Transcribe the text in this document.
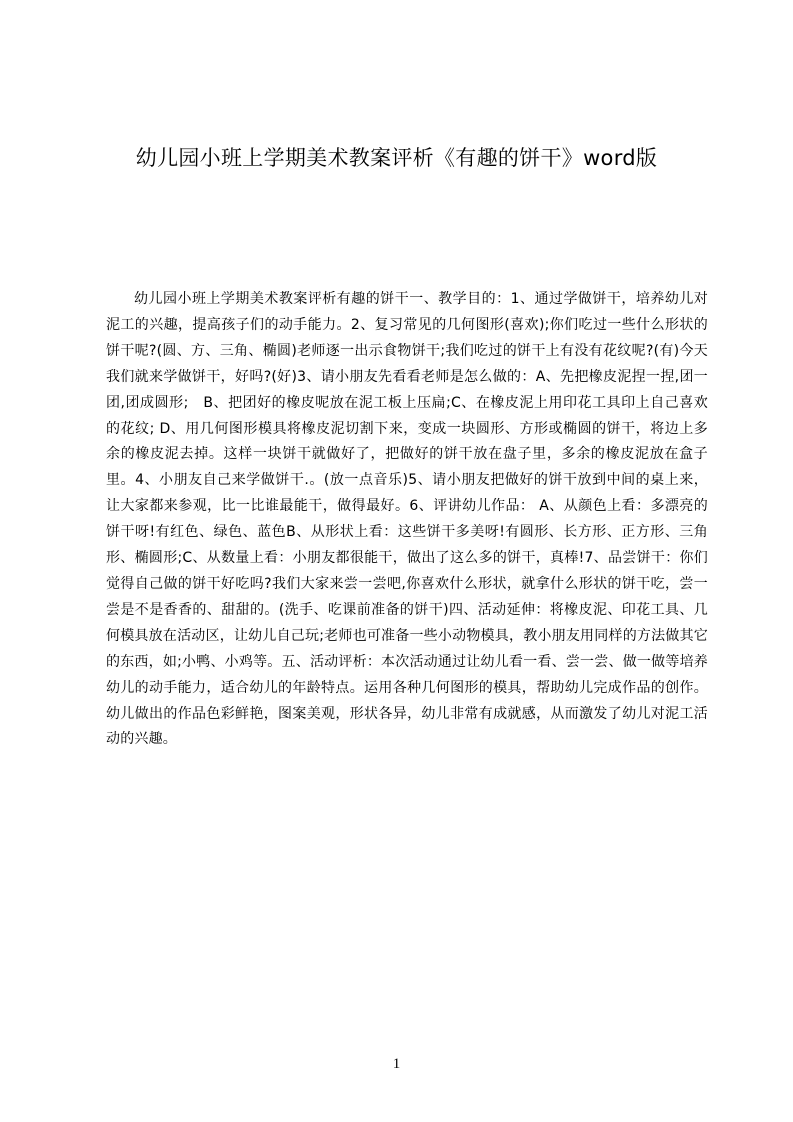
幼儿园小班上学期美术教案评析《有趣的饼干》word版

幼儿园小班上学期美术教案评析有趣的饼干一、教学目的：1、通过学做饼干，培养幼儿对泥工的兴趣，提高孩子们的动手能力。2、复习常见的几何图形(喜欢);你们吃过一些什么形状的饼干呢?(圆、方、三角、椭圆)老师逐一出示食物饼干;我们吃过的饼干上有没有花纹呢?(有)今天我们就来学做饼干，好吗?(好)3、请小朋友先看看老师是怎么做的：A、先把橡皮泥捏一捏,团一团,团成圆形;　B、把团好的橡皮呢放在泥工板上压扁;C、在橡皮泥上用印花工具印上自己喜欢的花纹; D、用几何图形模具将橡皮泥切割下来，变成一块圆形、方形或椭圆的饼干，将边上多余的橡皮泥去掉。这样一块饼干就做好了，把做好的饼干放在盘子里，多余的橡皮泥放在盒子里。4、小朋友自己来学做饼干.。(放一点音乐)5、请小朋友把做好的饼干放到中间的桌上来，让大家都来参观，比一比谁最能干，做得最好。6、评讲幼儿作品： A、从颜色上看：多漂亮的饼干呀!有红色、绿色、蓝色B、从形状上看：这些饼干多美呀!有圆形、长方形、正方形、三角形、椭圆形;C、从数量上看：小朋友都很能干，做出了这么多的饼干，真棒!7、品尝饼干：你们觉得自己做的饼干好吃吗?我们大家来尝一尝吧,你喜欢什么形状，就拿什么形状的饼干吃，尝一尝是不是香香的、甜甜的。(洗手、吃课前准备的饼干)四、活动延伸：将橡皮泥、印花工具、几何模具放在活动区，让幼儿自己玩;老师也可准备一些小动物模具，教小朋友用同样的方法做其它的东西，如;小鸭、小鸡等。五、活动评析：本次活动通过让幼儿看一看、尝一尝、做一做等培养幼儿的动手能力，适合幼儿的年龄特点。运用各种几何图形的模具，帮助幼儿完成作品的创作。幼儿做出的作品色彩鲜艳，图案美观，形状各异，幼儿非常有成就感，从而激发了幼儿对泥工活动的兴趣。

1
